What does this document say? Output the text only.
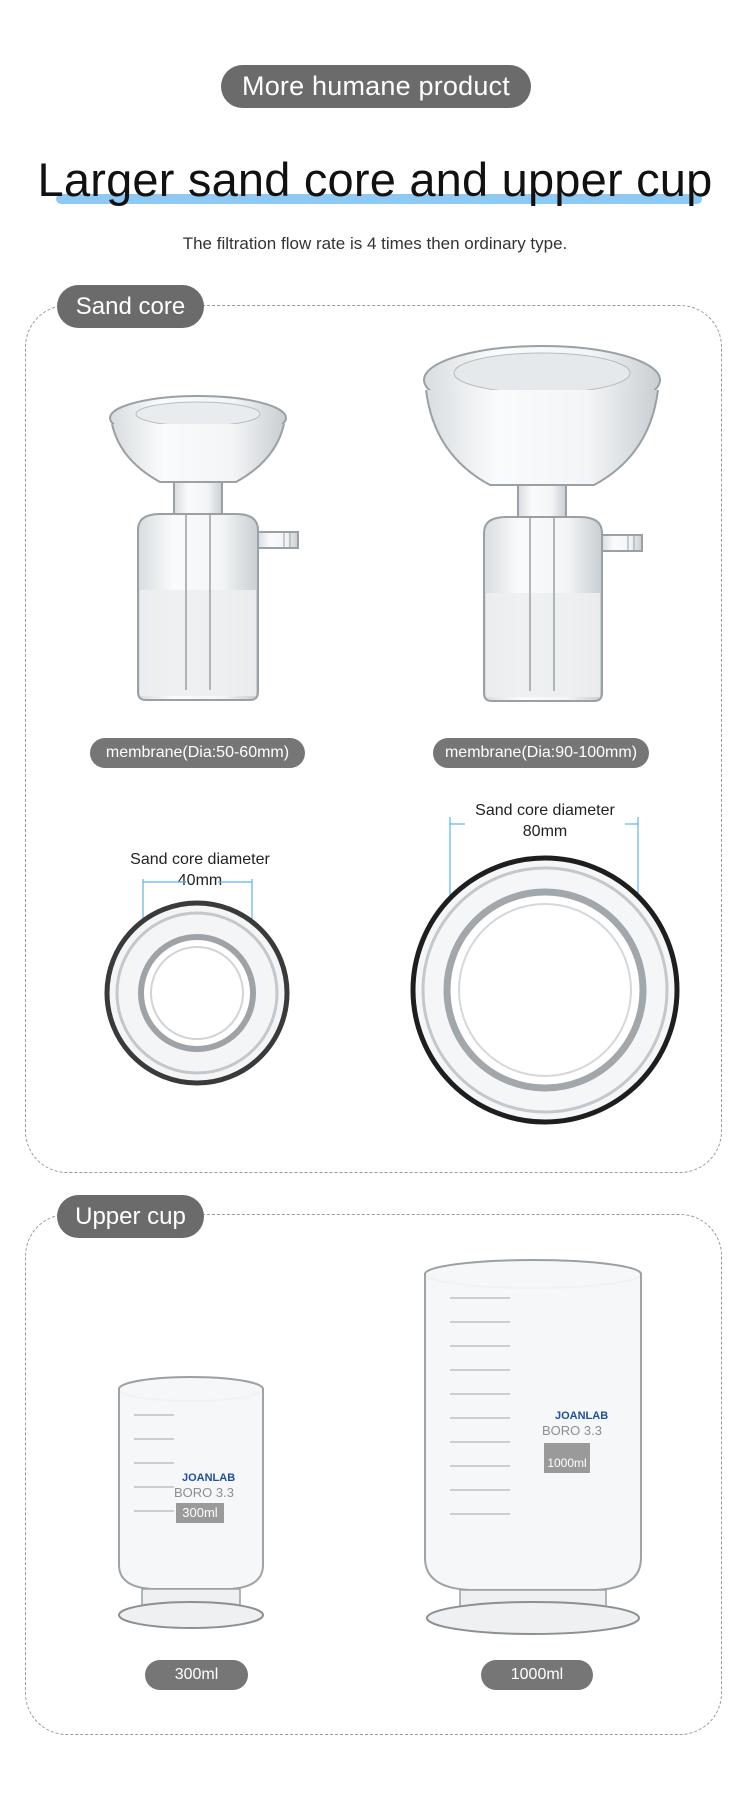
More humane product
Larger sand core and upper cup
The filtration flow rate is 4 times then ordinary type.
Sand core
membrane(Dia:50-60mm)	membrane(Dia:90-100mm)
Sand core diameter
40mm
Sand core diameter
80mm
Upper cup
JOANLAB
BORO 3.3
300ml
JOANLAB
BORO 3.3
1000ml
300ml	1000ml
